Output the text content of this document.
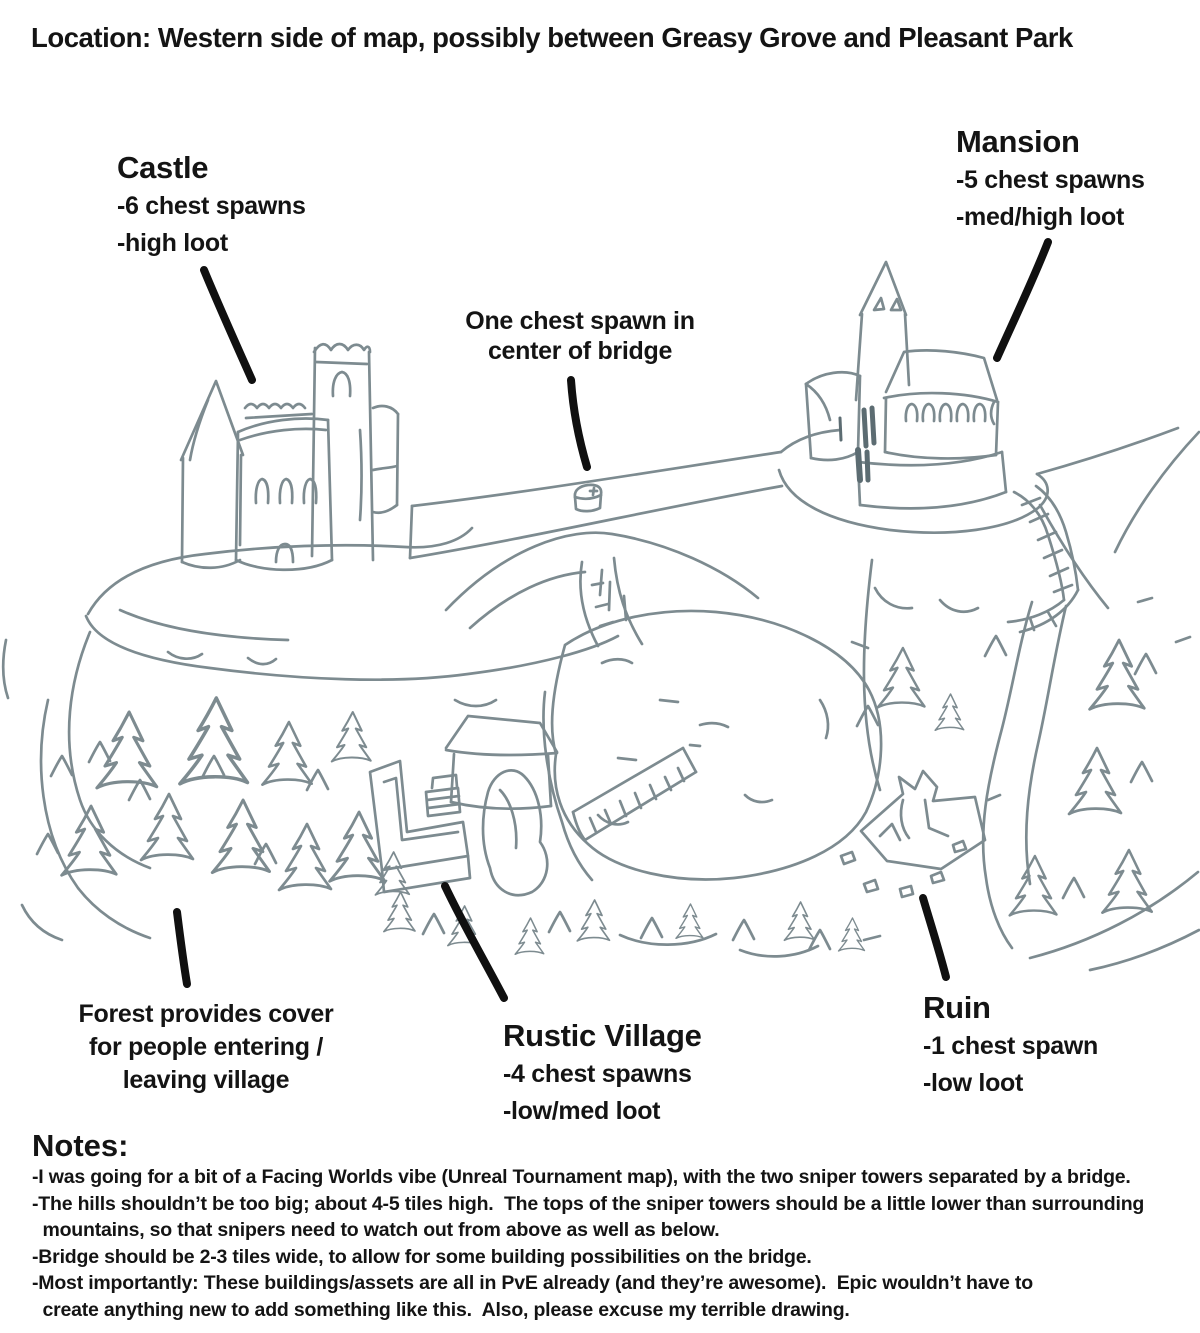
Location: Western side of map, possibly between Greasy Grove and Pleasant Park
Castle
-6 chest spawns
-high loot
Mansion
-5 chest spawns
-med/high loot
One chest spawn in
center of bridge
Forest provides cover
for people entering /
leaving village
Rustic Village
-4 chest spawns
-low/med loot
Ruin
-1 chest spawn
-low loot
Notes:
-I was going for a bit of a Facing Worlds vibe (Unreal Tournament map), with the two sniper towers separated by a bridge.
-The hills shouldn’t be too big; about 4-5 tiles high.  The tops of the sniper towers should be a little lower than surrounding
mountains, so that snipers need to watch out from above as well as below.
-Bridge should be 2-3 tiles wide, to allow for some building possibilities on the bridge.
-Most importantly: These buildings/assets are all in PvE already (and they’re awesome).  Epic wouldn’t have to
create anything new to add something like this.  Also, please excuse my terrible drawing.
